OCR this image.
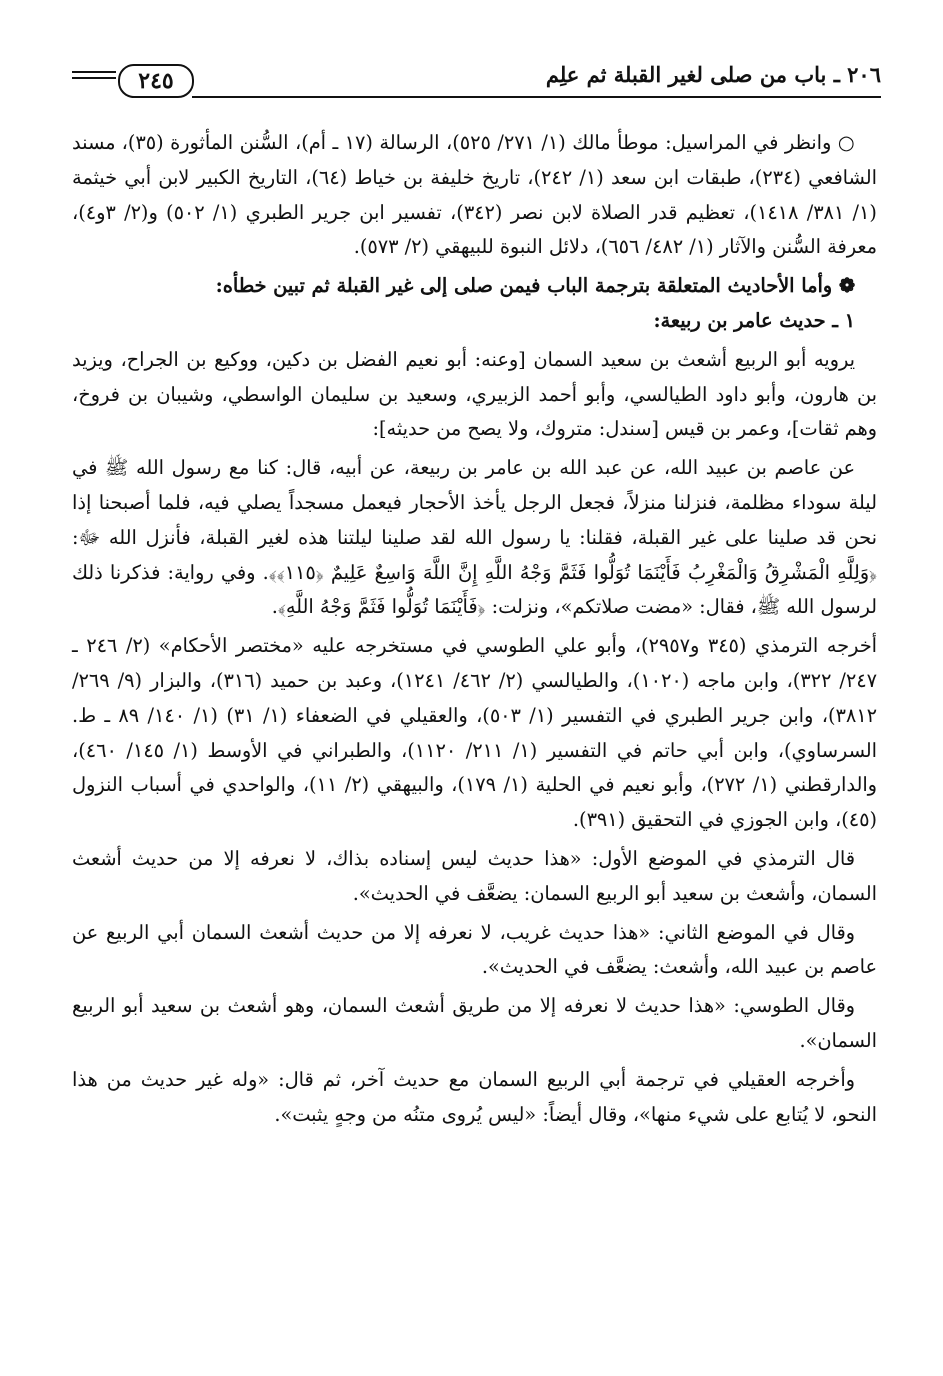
٢٠٦ ـ باب من صلى لغير القبلة ثم علِم
٢٤٥

○ وانظر في المراسيل: موطأ مالك (١/ ٢٧١/ ٥٢٥)، الرسالة (١٧ ـ أم)، السُّنن المأثورة (٣٥)، مسند الشافعي (٢٣٤)، طبقات ابن سعد (١/ ٢٤٢)، تاريخ خليفة بن خياط (٦٤)، التاريخ الكبير لابن أبي خيثمة (١/ ٣٨١/ ١٤١٨)، تعظيم قدر الصلاة لابن نصر (٣٤٢)، تفسير ابن جرير الطبري (١/ ٥٠٢) و(٢/ ٣و٤)، معرفة السُّنن والآثار (١/ ٤٨٢/ ٦٥٦)، دلائل النبوة للبيهقي (٢/ ٥٧٣).

❁ وأما الأحاديث المتعلقة بترجمة الباب فيمن صلى إلى غير القبلة ثم تبين خطأه:

١ ـ حديث عامر بن ربيعة:

يرويه أبو الربيع أشعث بن سعيد السمان [وعنه: أبو نعيم الفضل بن دكين، ووكيع بن الجراح، ويزيد بن هارون، وأبو داود الطيالسي، وأبو أحمد الزبيري، وسعيد بن سليمان الواسطي، وشيبان بن فروخ، وهم ثقات]، وعمر بن قيس [سندل: متروك، ولا يصح من حديثه]:

عن عاصم بن عبيد الله، عن عبد الله بن عامر بن ربيعة، عن أبيه، قال: كنا مع رسول الله ﷺ في ليلة سوداء مظلمة، فنزلنا منزلاً، فجعل الرجل يأخذ الأحجار فيعمل مسجداً يصلي فيه، فلما أصبحنا إذا نحن قد صلينا على غير القبلة، فقلنا: يا رسول الله لقد صلينا ليلتنا هذه لغير القبلة، فأنزل الله ﷻ: ﴿وَلِلَّهِ الْمَشْرِقُ وَالْمَغْرِبُ فَأَيْنَمَا تُوَلُّوا فَثَمَّ وَجْهُ اللَّهِ إِنَّ اللَّهَ وَاسِعٌ عَلِيمٌ ﴿١١٥﴾﴾. وفي رواية: فذكرنا ذلك لرسول الله ﷺ، فقال: «مضت صلاتكم»، ونزلت: ﴿فَأَيْنَمَا تُوَلُّوا فَثَمَّ وَجْهُ اللَّهِ﴾.

أخرجه الترمذي (٣٤٥ و٢٩٥٧)، وأبو علي الطوسي في مستخرجه عليه «مختصر الأحكام» (٢/ ٢٤٦ ـ ٢٤٧/ ٣٢٢)، وابن ماجه (١٠٢٠)، والطيالسي (٢/ ٤٦٢/ ١٢٤١)، وعبد بن حميد (٣١٦)، والبزار (٩/ ٢٦٩/ ٣٨١٢)، وابن جرير الطبري في التفسير (١/ ٥٠٣)، والعقيلي في الضعفاء (١/ ٣١) (١/ ١٤٠/ ٨٩ ـ ط. السرساوي)، وابن أبي حاتم في التفسير (١/ ٢١١/ ١١٢٠)، والطبراني في الأوسط (١/ ١٤٥/ ٤٦٠)، والدارقطني (١/ ٢٧٢)، وأبو نعيم في الحلية (١/ ١٧٩)، والبيهقي (٢/ ١١)، والواحدي في أسباب النزول (٤٥)، وابن الجوزي في التحقيق (٣٩١).

قال الترمذي في الموضع الأول: «هذا حديث ليس إسناده بذاك، لا نعرفه إلا من حديث أشعث السمان، وأشعث بن سعيد أبو الربيع السمان: يضعَّف في الحديث».

وقال في الموضع الثاني: «هذا حديث غريب، لا نعرفه إلا من حديث أشعث السمان أبي الربيع عن عاصم بن عبيد الله، وأشعث: يضعَّف في الحديث».

وقال الطوسي: «هذا حديث لا نعرفه إلا من طريق أشعث السمان، وهو أشعث بن سعيد أبو الربيع السمان».

وأخرجه العقيلي في ترجمة أبي الربيع السمان مع حديث آخر، ثم قال: «وله غير حديث من هذا النحو، لا يُتابع على شيء منها»، وقال أيضاً: «ليس يُروى متنُه من وجهٍ يثبت».
